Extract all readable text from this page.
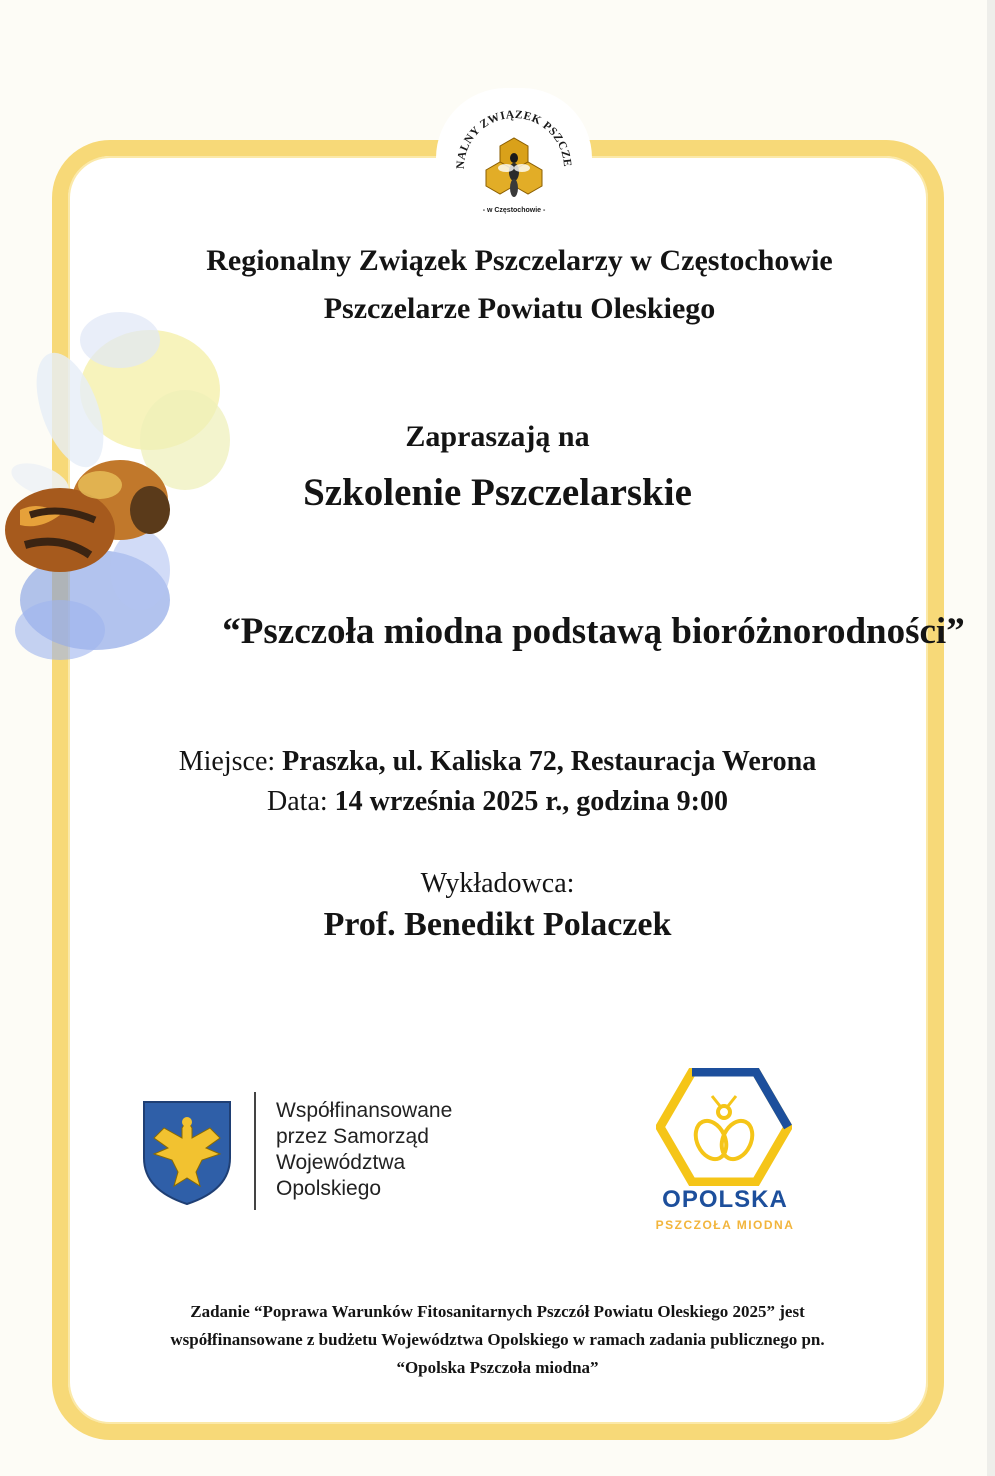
NALNY ZWIĄZEK PSZCZE
- w Częstochowie -
Regionalny Związek Pszczelarzy w Częstochowie
Pszczelarze Powiatu Oleskiego
Zapraszają na
Szkolenie Pszczelarskie
“Pszczoła miodna podstawą bioróżnorodności”
Miejsce: Praszka, ul. Kaliska 72, Restauracja Werona
Data: 14 września 2025 r., godzina 9:00
Wykładowca:
Prof. Benedikt Polaczek
Współfinansowane
przez Samorząd
Województwa
Opolskiego	OPOLSKA
PSZCZOŁA MIODNA
Zadanie “Poprawa Warunków Fitosanitarnych Pszczół Powiatu Oleskiego 2025” jest
współfinansowane z budżetu Województwa Opolskiego w ramach zadania publicznego pn.
“Opolska Pszczoła miodna”
